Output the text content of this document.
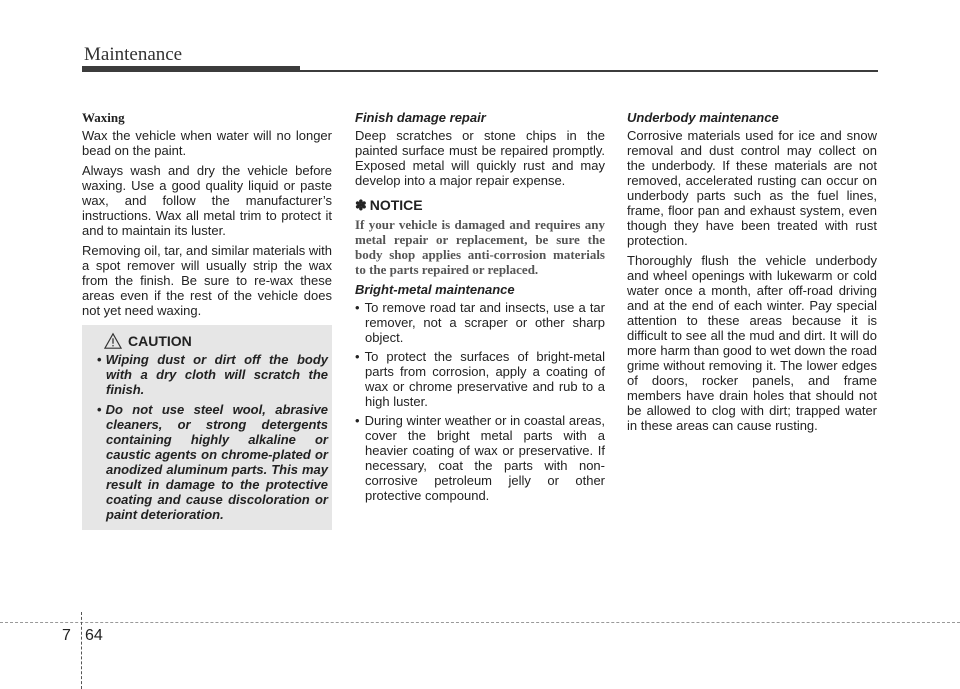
Maintenance
Waxing

Wax the vehicle when water will no longer bead on the paint.

Always wash and dry the vehicle before waxing. Use a good quality liquid or paste wax, and follow the manufacturer’s instructions. Wax all metal trim to protect it and to maintain its luster.

Removing oil, tar, and similar materials with a spot remover will usually strip the wax from the finish. Be sure to re-wax these areas even if the rest of the vehicle does not yet need waxing.

CAUTION
• Wiping dust or dirt off the body with a dry cloth will scratch the finish.
• Do not use steel wool, abrasive cleaners, or strong detergents containing highly alkaline or caustic agents on chrome-plated or anodized aluminum parts. This may result in damage to the protective coating and cause discoloration or paint deterioration.
Finish damage repair

Deep scratches or stone chips in the painted surface must be repaired promptly. Exposed metal will quickly rust and may develop into a major repair expense.

✽ NOTICE

If your vehicle is damaged and requires any metal repair or replacement, be sure the body shop applies anti-corrosion materials to the parts repaired or replaced.

Bright-metal maintenance
• To remove road tar and insects, use a tar remover, not a scraper or other sharp object.
• To protect the surfaces of bright-metal parts from corrosion, apply a coating of wax or chrome preservative and rub to a high luster.
• During winter weather or in coastal areas, cover the bright metal parts with a heavier coating of wax or preservative. If necessary, coat the parts with non-corrosive petroleum jelly or other protective compound.
Underbody maintenance

Corrosive materials used for ice and snow removal and dust control may collect on the underbody. If these materials are not removed, accelerated rusting can occur on underbody parts such as the fuel lines, frame, floor pan and exhaust system, even though they have been treated with rust protection.

Thoroughly flush the vehicle underbody and wheel openings with lukewarm or cold water once a month, after off-road driving and at the end of each winter. Pay special attention to these areas because it is difficult to see all the mud and dirt. It will do more harm than good to wet down the road grime without removing it. The lower edges of doors, rocker panels, and frame members have drain holes that should not be allowed to clog with dirt; trapped water in these areas can cause rusting.

7 64
